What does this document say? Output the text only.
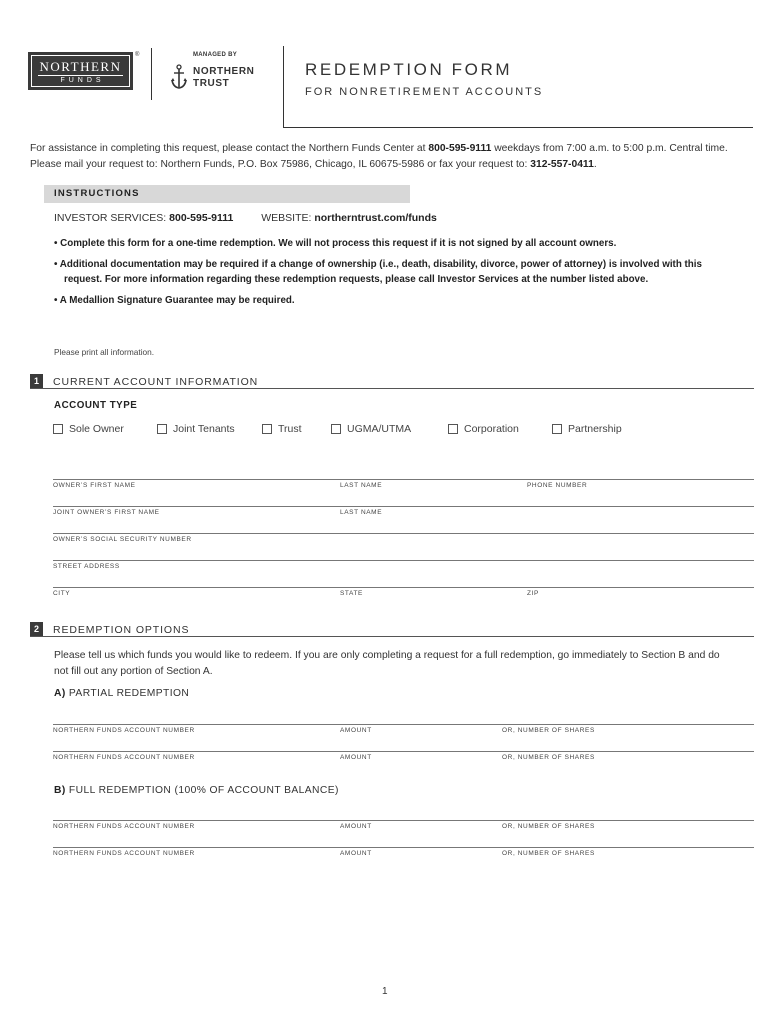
NORTHERN
FUNDS
®	MANAGED BY
NORTHERN
TRUST
REDEMPTION FORM
FOR NONRETIREMENT ACCOUNTS
For assistance in completing this request, please contact the Northern Funds Center at 800-595-9111 weekdays from 7:00 a.m. to 5:00 p.m. Central time. Please mail your request to: Northern Funds, P.O. Box 75986, Chicago, IL 60675-5986 or fax your request to: 312-557-0411.
INSTRUCTIONS
INVESTOR SERVICES: 800-595-9111	WEBSITE: northerntrust.com/funds
• Complete this form for a one-time redemption. We will not process this request if it is not signed by all account owners.
• Additional documentation may be required if a change of ownership (i.e., death, disability, divorce, power of attorney) is involved with this request. For more information regarding these redemption requests, please call Investor Services at the number listed above.
• A Medallion Signature Guarantee may be required.
Please print all information.
1	CURRENT ACCOUNT INFORMATION
ACCOUNT TYPE
Sole Owner	Joint Tenants	Trust	UGMA/UTMA	Corporation	Partnership
OWNER’S FIRST NAME	LAST NAME	PHONE NUMBER
JOINT OWNER’S FIRST NAME	LAST NAME
OWNER’S SOCIAL SECURITY NUMBER
STREET ADDRESS
CITY	STATE	ZIP
2	REDEMPTION OPTIONS
Please tell us which funds you would like to redeem. If you are only completing a request for a full redemption, go immediately to Section B and do not fill out any portion of Section A.
A) PARTIAL REDEMPTION
NORTHERN FUNDS ACCOUNT NUMBER	AMOUNT	OR, NUMBER OF SHARES
NORTHERN FUNDS ACCOUNT NUMBER	AMOUNT	OR, NUMBER OF SHARES
B) FULL REDEMPTION (100% OF ACCOUNT BALANCE)
NORTHERN FUNDS ACCOUNT NUMBER	AMOUNT	OR, NUMBER OF SHARES
NORTHERN FUNDS ACCOUNT NUMBER	AMOUNT	OR, NUMBER OF SHARES
1
